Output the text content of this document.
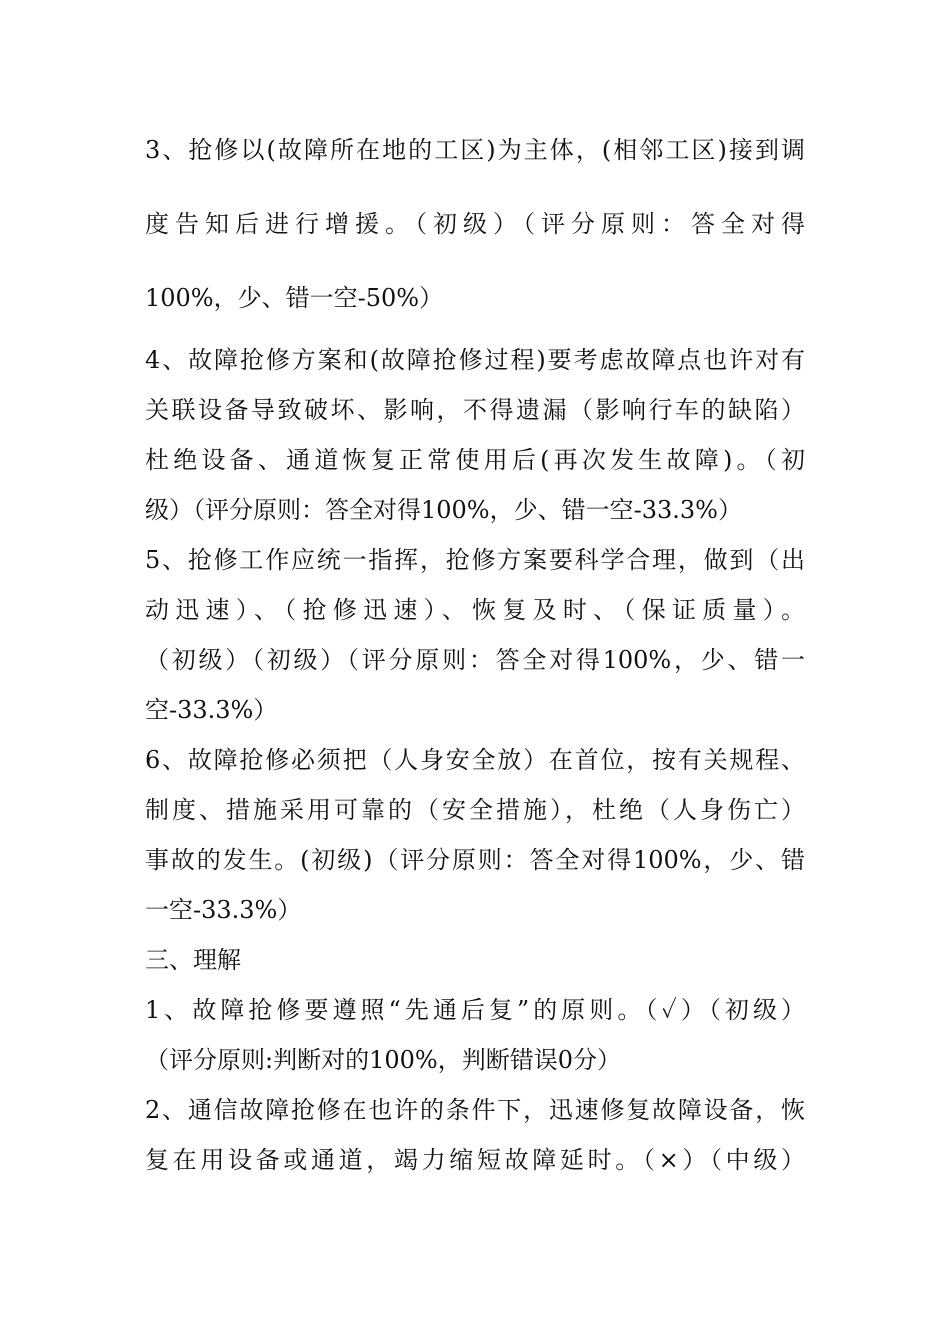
3、抢修以(故障所在地的工区)为主体，(相邻工区)接到调
度告知后进行增援。（初级）（评分原则：答全对得
100%，少、错一空-50%）
4、故障抢修方案和(故障抢修过程)要考虑故障点也许对有
关联设备导致破坏、影响，不得遗漏（影响行车的缺陷）
杜绝设备、通道恢复正常使用后(再次发生故障)。（初
级）（评分原则：答全对得100%，少、错一空-33.3%）
5、抢修工作应统一指挥，抢修方案要科学合理，做到（出
动迅速）、（抢修迅速）、恢复及时、（保证质量）。
（初级）（初级）（评分原则：答全对得100%，少、错一
空-33.3%）
6、故障抢修必须把（人身安全放）在首位，按有关规程、
制度、措施采用可靠的（安全措施），杜绝（人身伤亡）
事故的发生。(初级)（评分原则：答全对得100%，少、错
一空-33.3%）
三、理解
1、故障抢修要遵照“先通后复”的原则。（✓）（初级）
（评分原则:判断对的100%，判断错误0分）
2、通信故障抢修在也许的条件下，迅速修复故障设备，恢
复在用设备或通道，竭力缩短故障延时。（×）（中级）
